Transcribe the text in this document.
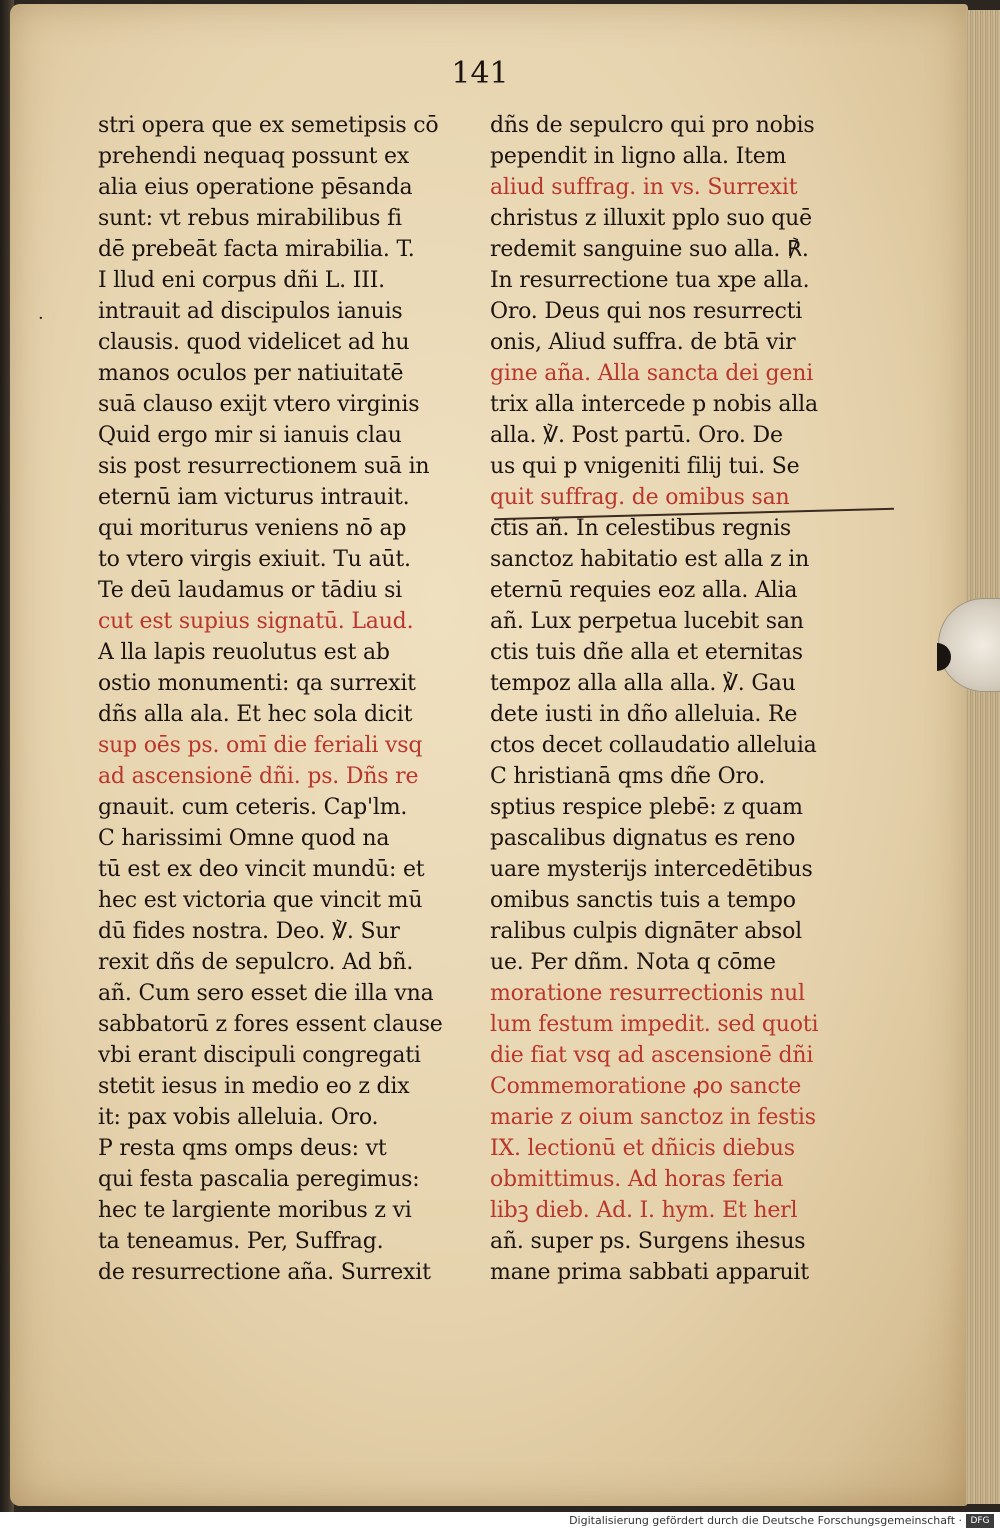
141
·
stri opera que ex semetipsis cō
prehendi nequaq possunt ex
alia eius operatione pēsanda
sunt: vt rebus mirabilibus fi
dē prebeāt facta mirabilia. T.
I llud eni corpus dñi L. III.
intrauit ad discipulos ianuis
clausis. quod videlicet ad hu
manos oculos per natiuitatē
suā clauso exijt vtero virginis
Quid ergo mir si ianuis clau
sis post resurrectionem suā in
eternū iam victurus intrauit.
qui moriturus veniens nō ap
to vtero virgis exiuit. Tu aūt.
Te deū laudamus or tādiu si
cut est supius signatū. Laud.
A lla lapis reuolutus est ab
ostio monumenti: qa surrexit
dñs alla ala. Et hec sola dicit
sup oēs ps. omī die feriali vsq
ad ascensionē dñi. ps. Dñs re
gnauit. cum ceteris. Cap'lm.
C harissimi Omne quod na
tū est ex deo vincit mundū: et
hec est victoria que vincit mū
dū fides nostra. Deo. ℣. Sur
rexit dñs de sepulcro. Ad bñ.
añ. Cum sero esset die illa vna
sabbatorū z fores essent clause
vbi erant discipuli congregati
stetit iesus in medio eo z dix
it: pax vobis alleluia. Oro.
P resta qms omps deus: vt
qui festa pascalia peregimus:
hec te largiente moribus z vi
ta teneamus. Per, Suffrag.
de resurrectione aña. Surrexit
dñs de sepulcro qui pro nobis
pependit in ligno alla. Item
aliud suffrag. in vs. Surrexit
christus z illuxit pplo suo quē
redemit sanguine suo alla. ℟.
In resurrectione tua xpe alla.
Oro. Deus qui nos resurrecti
onis, Aliud suffra. de btā vir
gine aña. Alla sancta dei geni
trix alla intercede p nobis alla
alla. ℣. Post partū. Oro. De
us qui p vnigeniti filij tui. Se
quit suffrag. de omibus san
ctis añ. In celestibus regnis
sanctoz habitatio est alla z in
eternū requies eoz alla. Alia
añ. Lux perpetua lucebit san
ctis tuis dñe alla et eternitas
tempoz alla alla alla. ℣. Gau
dete iusti in dño alleluia. Re
ctos decet collaudatio alleluia
C hristianā qms dñe Oro.
sptius respice plebē: z quam
pascalibus dignatus es reno
uare mysterijs intercedētibus
omibus sanctis tuis a tempo
ralibus culpis dignāter absol
ue. Per dñm. Nota q cōme
moratione resurrectionis nul
lum festum impedit. sed quoti
die fiat vsq ad ascensionē dñi
Commemoratione ꝓo sancte
marie z oium sanctoz in festis
IX. lectionū et dñicis diebus
obmittimus. Ad horas feria
libꝫ dieb. Ad. I. hym. Et herl
añ. super ps. Surgens ihesus
mane prima sabbati apparuit
Digitalisierung gefördert durch die Deutsche Forschungsgemeinschaft · DFG
